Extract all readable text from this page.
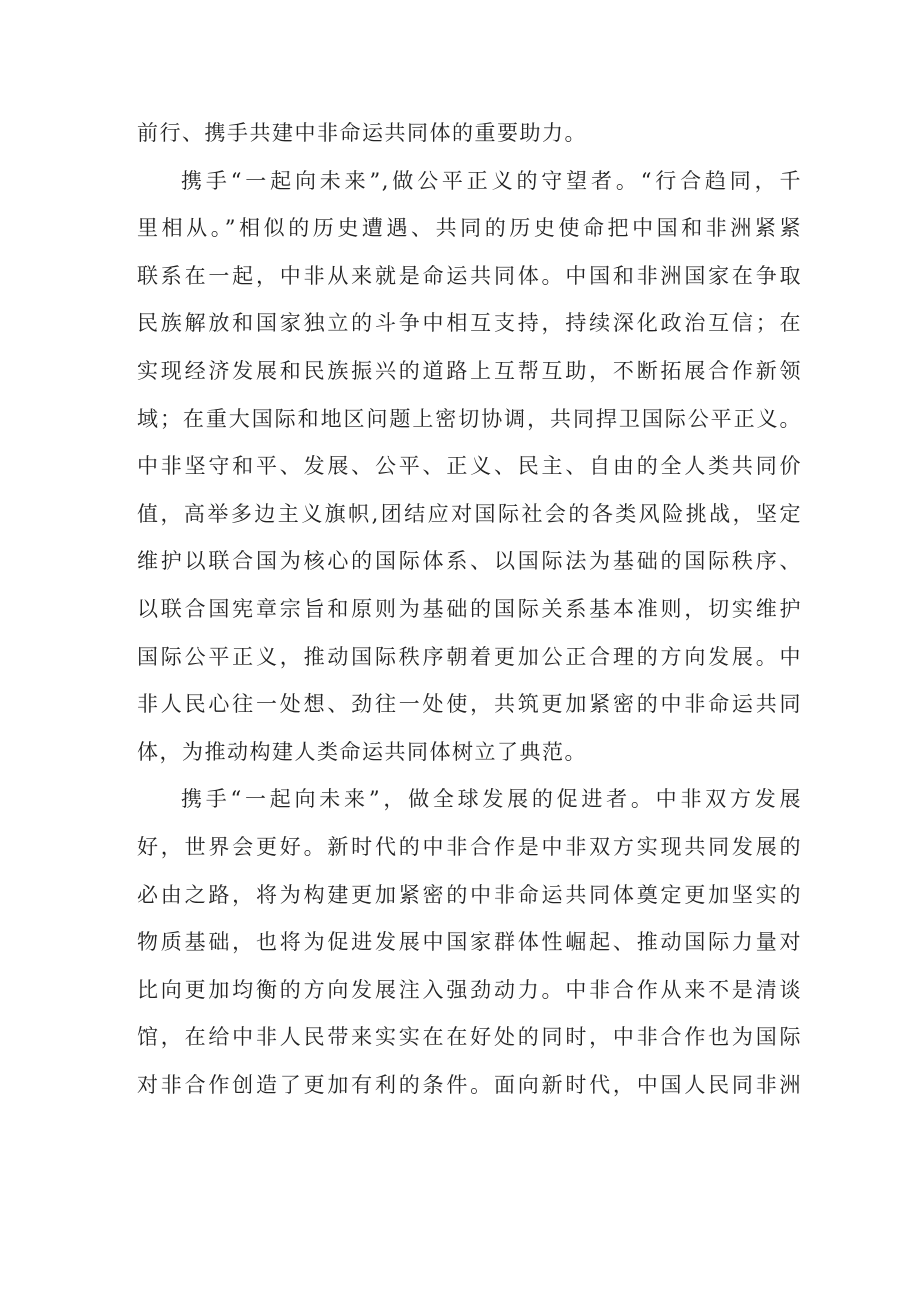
前行、携手共建中非命运共同体的重要助力。
携手“一起向未来”,做公平正义的守望者。“行合趋同，千
里相从。”相似的历史遭遇、共同的历史使命把中国和非洲紧紧
联系在一起，中非从来就是命运共同体。中国和非洲国家在争取
民族解放和国家独立的斗争中相互支持，持续深化政治互信；在
实现经济发展和民族振兴的道路上互帮互助，不断拓展合作新领
域；在重大国际和地区问题上密切协调，共同捍卫国际公平正义。
中非坚守和平、发展、公平、正义、民主、自由的全人类共同价
值，高举多边主义旗帜,团结应对国际社会的各类风险挑战，坚定
维护以联合国为核心的国际体系、以国际法为基础的国际秩序、
以联合国宪章宗旨和原则为基础的国际关系基本准则，切实维护
国际公平正义，推动国际秩序朝着更加公正合理的方向发展。中
非人民心往一处想、劲往一处使，共筑更加紧密的中非命运共同
体，为推动构建人类命运共同体树立了典范。
携手“一起向未来”，做全球发展的促进者。中非双方发展
好，世界会更好。新时代的中非合作是中非双方实现共同发展的
必由之路，将为构建更加紧密的中非命运共同体奠定更加坚实的
物质基础，也将为促进发展中国家群体性崛起、推动国际力量对
比向更加均衡的方向发展注入强劲动力。中非合作从来不是清谈
馆，在给中非人民带来实实在在好处的同时，中非合作也为国际
对非合作创造了更加有利的条件。面向新时代，中国人民同非洲
